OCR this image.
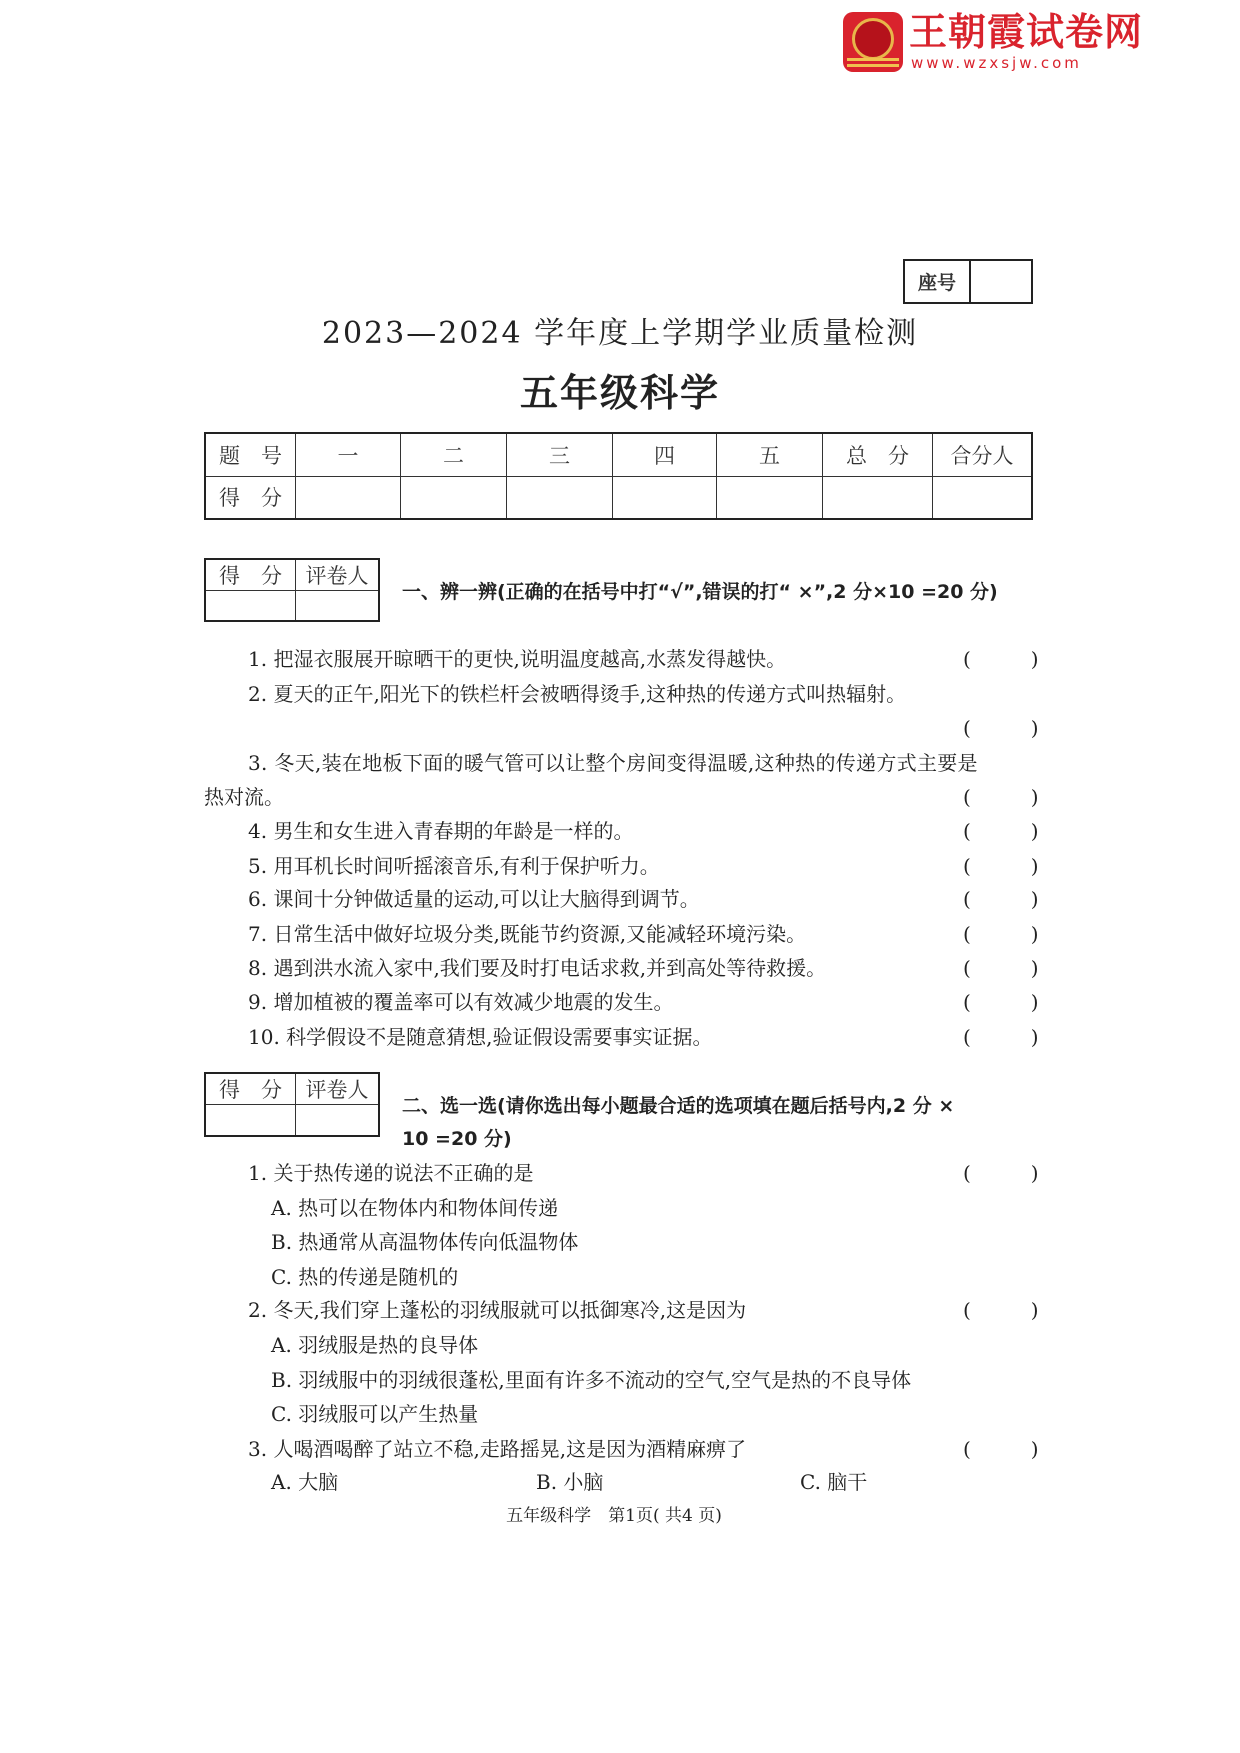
王朝霞试卷网
www.wzxsjw.com
座号	
2023—2024 学年度上学期学业质量检测
五年级科学
题　号	一	二	三	四	五	总　分	合分人
得　分							
得　分	评卷人

一、辨一辨(正确的在括号中打“√”,错误的打“ ×”,2 分×10 =20 分)
1. 把湿衣服展开晾晒干的更快,说明温度越高,水蒸发得越快。	(　　　)
2. 夏天的正午,阳光下的铁栏杆会被晒得烫手,这种热的传递方式叫热辐射。
(　　　)
3. 冬天,装在地板下面的暖气管可以让整个房间变得温暖,这种热的传递方式主要是
热对流。	(　　　)
4. 男生和女生进入青春期的年龄是一样的。	(　　　)
5. 用耳机长时间听摇滚音乐,有利于保护听力。	(　　　)
6. 课间十分钟做适量的运动,可以让大脑得到调节。	(　　　)
7. 日常生活中做好垃圾分类,既能节约资源,又能减轻环境污染。	(　　　)
8. 遇到洪水流入家中,我们要及时打电话求救,并到高处等待救援。	(　　　)
9. 增加植被的覆盖率可以有效减少地震的发生。	(　　　)
10. 科学假设不是随意猜想,验证假设需要事实证据。	(　　　)
得　分	评卷人

二、选一选(请你选出每小题最合适的选项填在题后括号内,2 分 ×
10 =20 分)
1. 关于热传递的说法不正确的是	(　　　)
A. 热可以在物体内和物体间传递
B. 热通常从高温物体传向低温物体
C. 热的传递是随机的
2. 冬天,我们穿上蓬松的羽绒服就可以抵御寒冷,这是因为	(　　　)
A. 羽绒服是热的良导体
B. 羽绒服中的羽绒很蓬松,里面有许多不流动的空气,空气是热的不良导体
C. 羽绒服可以产生热量
3. 人喝酒喝醉了站立不稳,走路摇晃,这是因为酒精麻痹了	(　　　)
A. 大脑	B. 小脑	C. 脑干
五年级科学　第1页( 共4 页)
